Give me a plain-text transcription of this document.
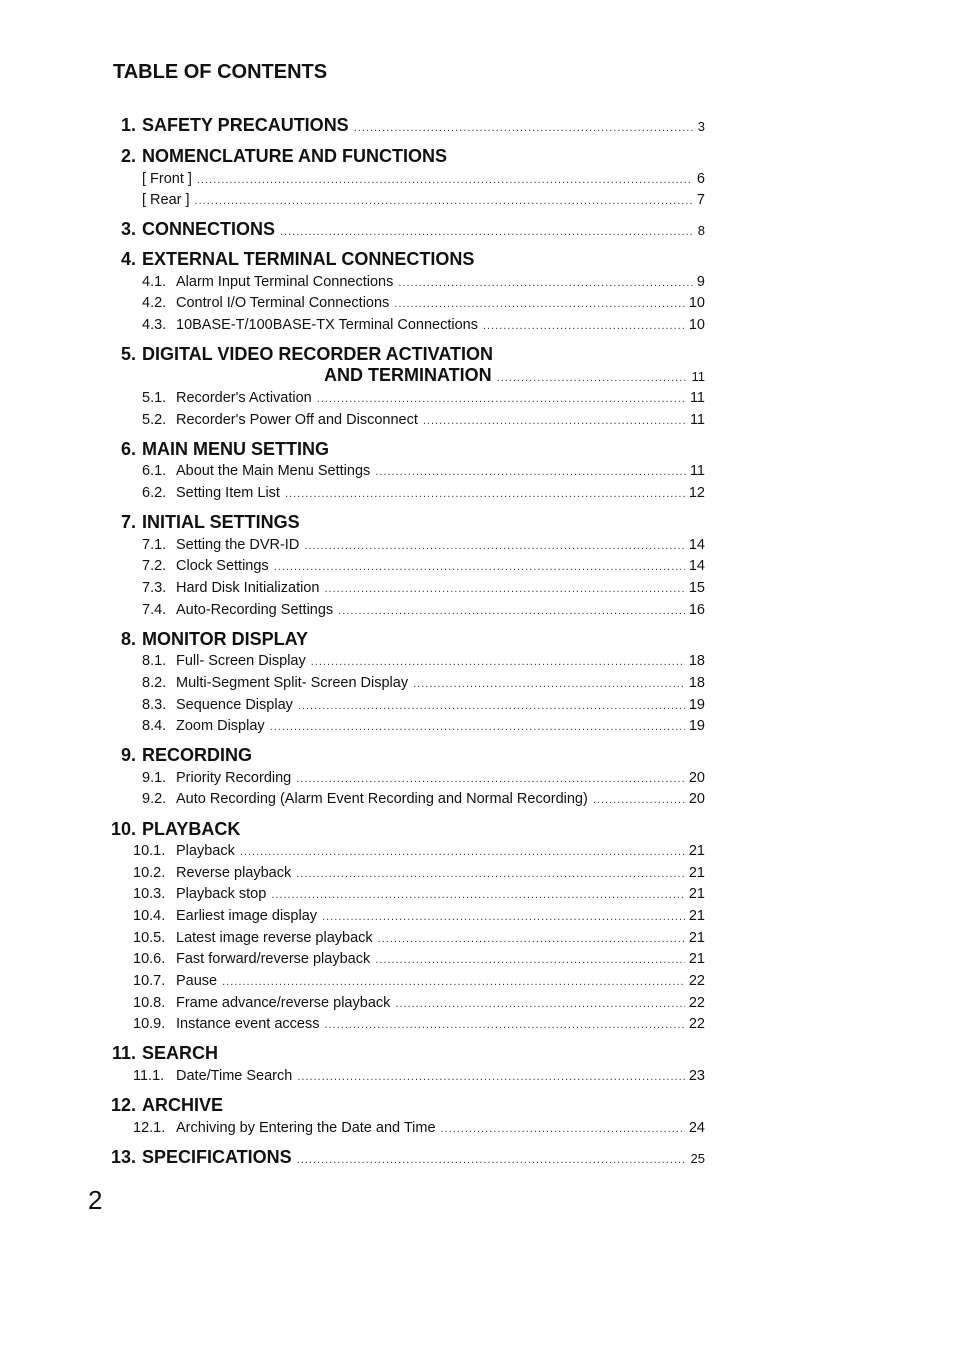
TABLE OF CONTENTS
1. SAFETY PRECAUTIONS .....	3
2. NOMENCLATURE AND FUNCTIONS
[ Front ] .....	6
[ Rear ] .....	7
3. CONNECTIONS .....	8
4. EXTERNAL TERMINAL CONNECTIONS
4.1. Alarm Input Terminal Connections .....	9
4.2. Control I/O Terminal Connections .....	10
4.3. 10BASE-T/100BASE-TX Terminal Connections .....	10
5. DIGITAL VIDEO RECORDER ACTIVATION
AND TERMINATION .....	11
5.1. Recorder's Activation .....	11
5.2. Recorder's Power Off and Disconnect .....	11
6. MAIN MENU SETTING
6.1. About the Main Menu Settings .....	11
6.2. Setting Item List .....	12
7. INITIAL SETTINGS
7.1. Setting the DVR-ID .....	14
7.2. Clock Settings .....	14
7.3. Hard Disk Initialization .....	15
7.4. Auto-Recording Settings .....	16
8. MONITOR DISPLAY
8.1. Full- Screen Display .....	18
8.2. Multi-Segment Split- Screen Display .....	18
8.3. Sequence Display .....	19
8.4. Zoom Display .....	19
9. RECORDING
9.1. Priority Recording .....	20
9.2. Auto Recording (Alarm Event Recording and Normal Recording) .....	20
10. PLAYBACK
10.1. Playback .....	21
10.2. Reverse playback .....	21
10.3. Playback stop .....	21
10.4. Earliest image display .....	21
10.5. Latest image reverse playback .....	21
10.6. Fast forward/reverse playback .....	21
10.7. Pause .....	22
10.8. Frame advance/reverse playback .....	22
10.9. Instance event access .....	22
11. SEARCH
11.1. Date/Time Search .....	23
12. ARCHIVE
12.1. Archiving by Entering the Date and Time .....	24
13. SPECIFICATIONS .....	25
2
